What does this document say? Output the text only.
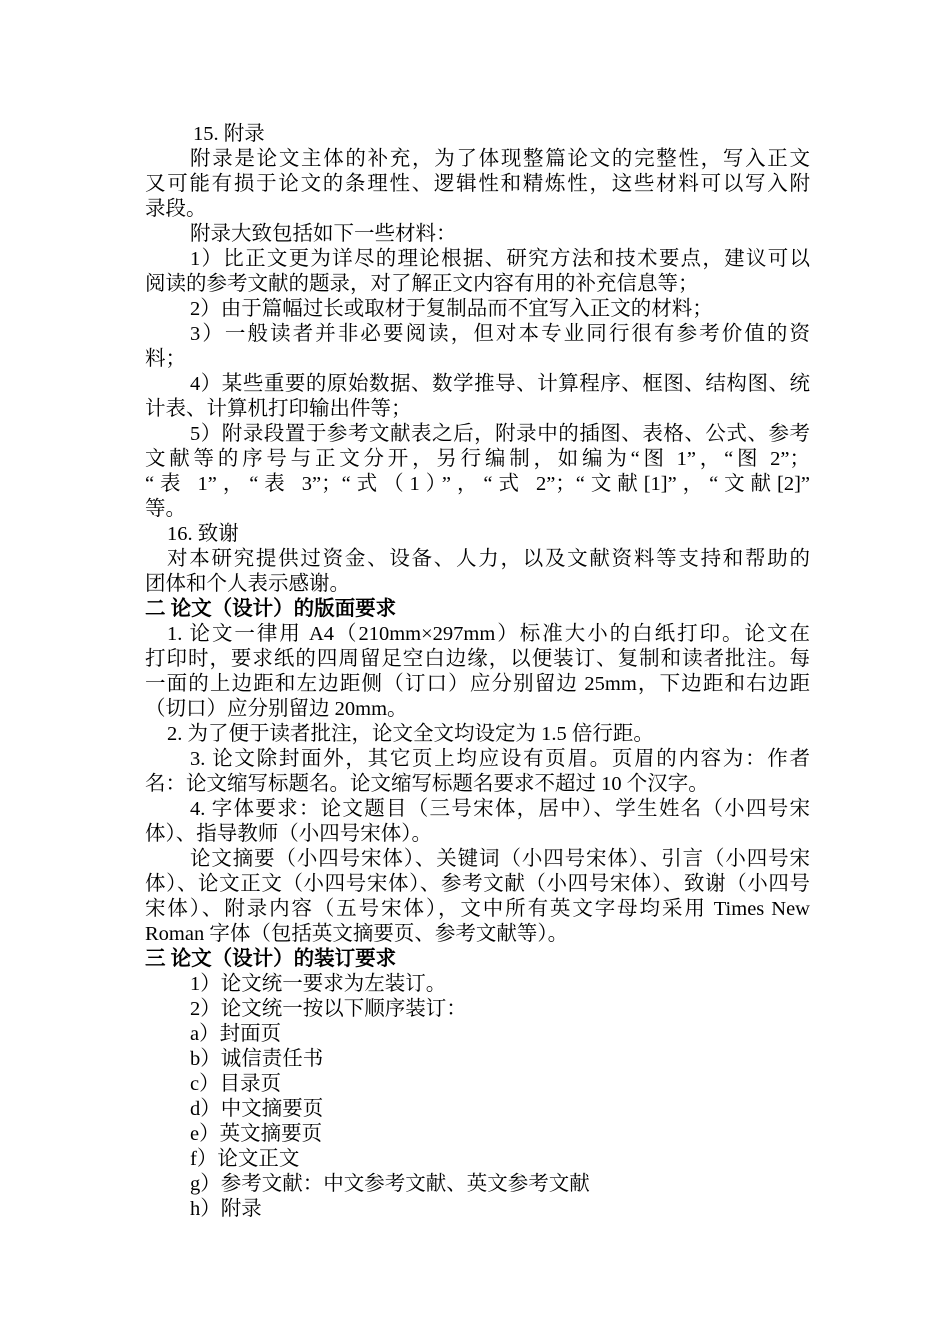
15. 附录

附录是论文主体的补充，为了体现整篇论文的完整性，写入正文

又可能有损于论文的条理性、逻辑性和精炼性，这些材料可以写入附

录段。

附录大致包括如下一些材料：

1）比正文更为详尽的理论根据、研究方法和技术要点，建议可以

阅读的参考文献的题录，对了解正文内容有用的补充信息等；

2）由于篇幅过长或取材于复制品而不宜写入正文的材料；

3）一般读者并非必要阅读，但对本专业同行很有参考价值的资

料；

4）某些重要的原始数据、数学推导、计算程序、框图、结构图、统

计表、计算机打印输出件等；

5）附录段置于参考文献表之后，附录中的插图、表格、公式、参考

文献等的序号与正文分开，另行编制，如编为“图 1”，“图 2”；

“表 1”，“表 3”；“式（1）”，“式 2”；“文献[1]”，“文献[2]”

等。

16. 致谢

对本研究提供过资金、设备、人力，以及文献资料等支持和帮助的

团体和个人表示感谢。

二 论文（设计）的版面要求

1. 论文一律用 A4（210mm×297mm）标准大小的白纸打印。论文在

打印时，要求纸的四周留足空白边缘，以便装订、复制和读者批注。每

一面的上边距和左边距侧（订口）应分别留边 25mm，下边距和右边距

（切口）应分别留边 20mm。

2. 为了便于读者批注，论文全文均设定为 1.5 倍行距。

3. 论文除封面外，其它页上均应设有页眉。页眉的内容为：作者

名：论文缩写标题名。论文缩写标题名要求不超过 10 个汉字。

4. 字体要求：论文题目（三号宋体，居中）、学生姓名（小四号宋

体）、指导教师（小四号宋体）。

论文摘要（小四号宋体）、关键词（小四号宋体）、引言（小四号宋

体）、论文正文（小四号宋体）、参考文献（小四号宋体）、致谢（小四号

宋体）、附录内容（五号宋体），文中所有英文字母均采用 Times New

Roman 字体（包括英文摘要页、参考文献等）。

三 论文（设计）的装订要求

1）论文统一要求为左装订。

2）论文统一按以下顺序装订：

a）封面页

b）诚信责任书

c）目录页

d）中文摘要页

e）英文摘要页

f）论文正文

g）参考文献：中文参考文献、英文参考文献

h）附录
